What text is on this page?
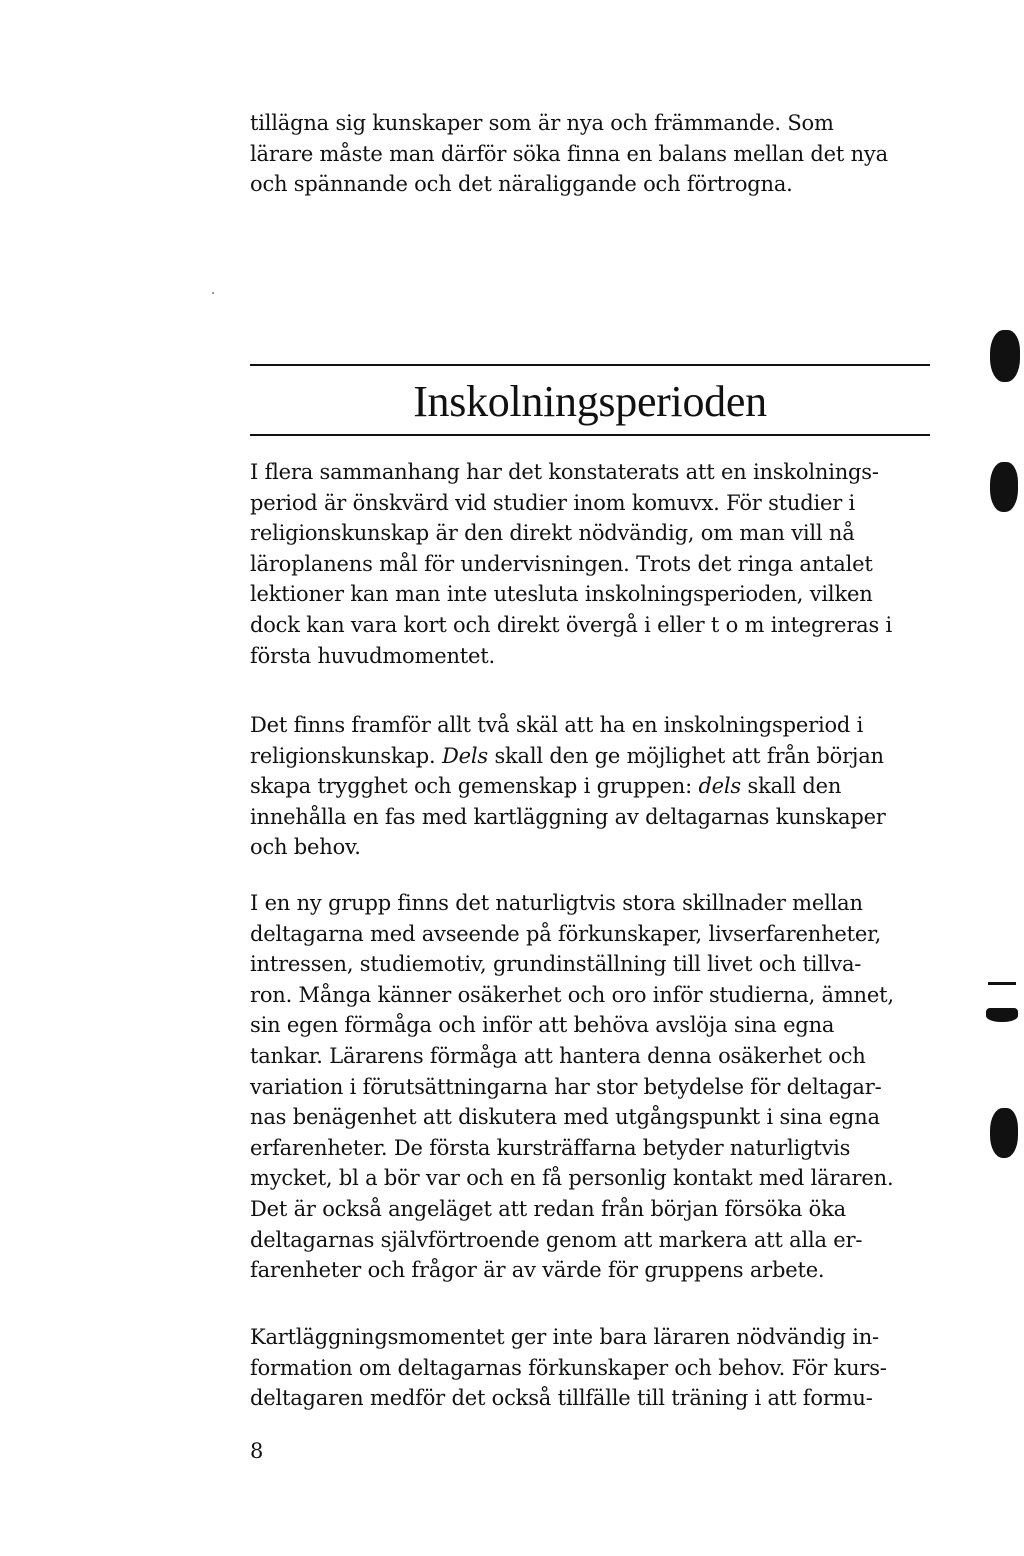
tillägna sig kunskaper som är nya och främmande. Som
lärare måste man därför söka finna en balans mellan det nya
och spännande och det näraliggande och förtrogna.
Inskolningsperioden
I flera sammanhang har det konstaterats att en inskolnings-
period är önskvärd vid studier inom komuvx. För studier i
religionskunskap är den direkt nödvändig, om man vill nå
läroplanens mål för undervisningen. Trots det ringa antalet
lektioner kan man inte utesluta inskolningsperioden, vilken
dock kan vara kort och direkt övergå i eller t o m integreras i
första huvudmomentet.
Det finns framför allt två skäl att ha en inskolningsperiod i
religionskunskap. Dels skall den ge möjlighet att från början
skapa trygghet och gemenskap i gruppen: dels skall den
innehålla en fas med kartläggning av deltagarnas kunskaper
och behov.
I en ny grupp finns det naturligtvis stora skillnader mellan
deltagarna med avseende på förkunskaper, livserfarenheter,
intressen, studiemotiv, grundinställning till livet och tillva-
ron. Många känner osäkerhet och oro inför studierna, ämnet,
sin egen förmåga och inför att behöva avslöja sina egna
tankar. Lärarens förmåga att hantera denna osäkerhet och
variation i förutsättningarna har stor betydelse för deltagar-
nas benägenhet att diskutera med utgångspunkt i sina egna
erfarenheter. De första kursträffarna betyder naturligtvis
mycket, bl a bör var och en få personlig kontakt med läraren.
Det är också angeläget att redan från början försöka öka
deltagarnas självförtroende genom att markera att alla er-
farenheter och frågor är av värde för gruppens arbete.
Kartläggningsmomentet ger inte bara läraren nödvändig in-
formation om deltagarnas förkunskaper och behov. För kurs-
deltagaren medför det också tillfälle till träning i att formu-
8
